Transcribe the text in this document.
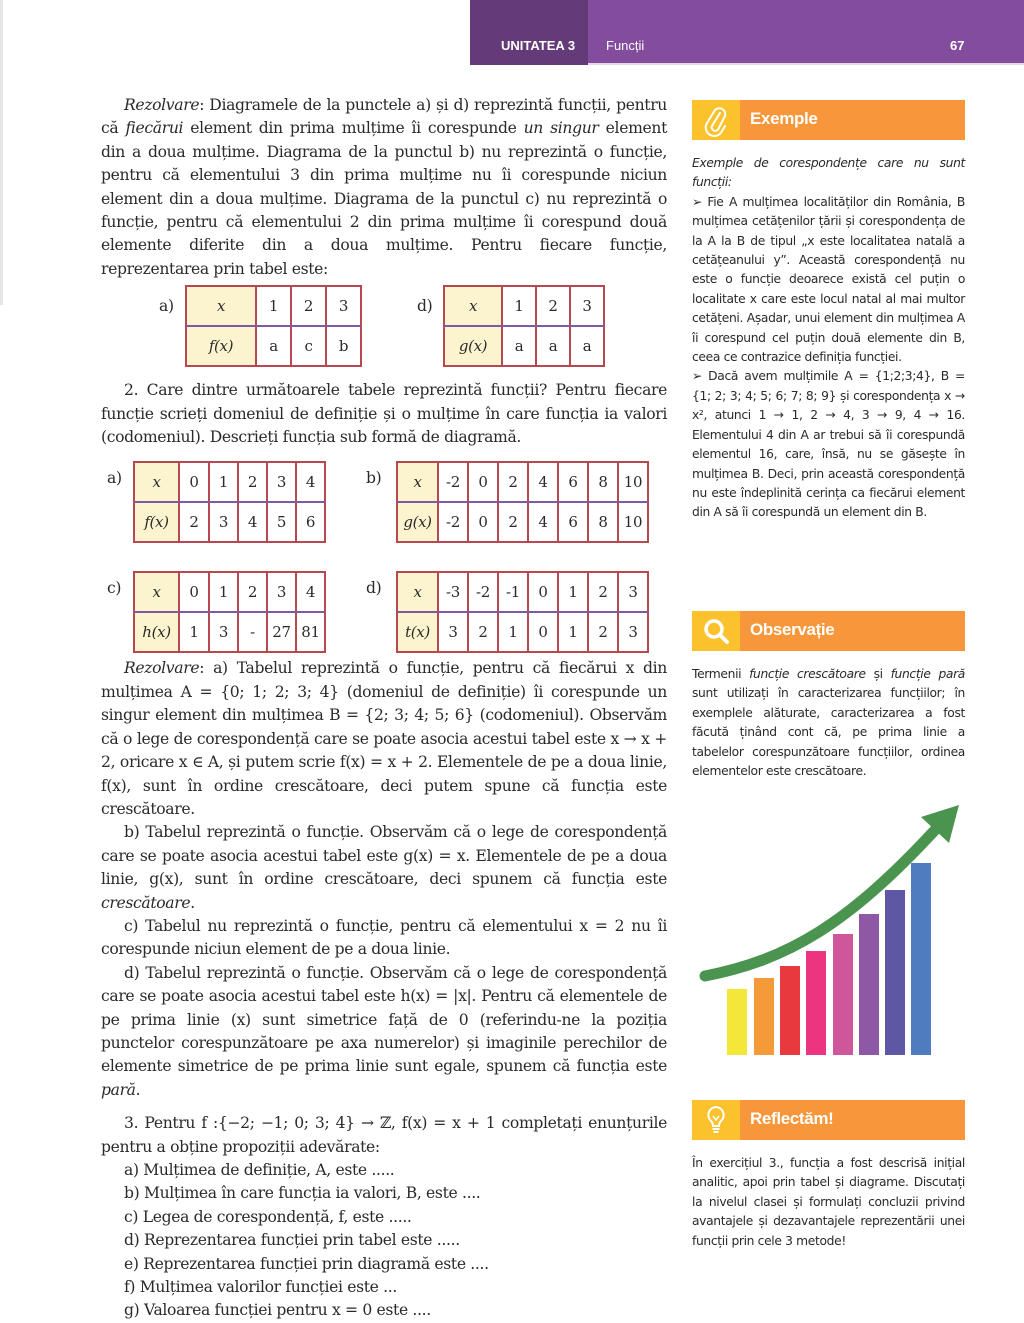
UNITATEA 3	Funcții	67

Rezolvare: Diagramele de la punctele a) și d) reprezintă funcții, pentru că fiecărui element din prima mulțime îi corespunde un singur element din a doua mulțime. Diagrama de la punctul b) nu reprezintă o funcție, pentru că elementului 3 din prima mulțime nu îi corespunde niciun element din a doua mulțime. Diagrama de la punctul c) nu reprezintă o funcție, pentru că elementului 2 din prima mulțime îi corespund două elemente diferite din a doua mulțime. Pentru fiecare funcție, reprezentarea prin tabel este:

a)	x	1	2	3
f(x)	a	c	b
d) x	1	2	3
g(x)	a	a	a

2. Care dintre următoarele tabele reprezintă funcții? Pentru fiecare funcție scrieți domeniul de definiție și o mulțime în care funcția ia valori (codomeniul). Descrieți funcția sub formă de diagramă.

a) x	0	1	2	3	4
f(x)	2	3	4	5	6
b) x	-2	0	2	4	6	8	10
g(x)	-2	0	2	4	6	8	10
c) x	0	1	2	3	4
h(x)	1	3	-	27	81
d) x	-3	-2	-1	0	1	2	3
t(x)	3	2	1	0	1	2	3

Rezolvare: a) Tabelul reprezintă o funcție, pentru că fiecărui x din mulțimea A = {0; 1; 2; 3; 4} (domeniul de definiție) îi corespunde un singur element din mulțimea B = {2; 3; 4; 5; 6} (codomeniul). Observăm că o lege de corespondență care se poate asocia acestui tabel este x → x + 2, oricare x ∈ A, și putem scrie f(x) = x + 2. Elementele de pe a doua linie, f(x), sunt în ordine crescătoare, deci putem spune că funcția este crescătoare.

b) Tabelul reprezintă o funcție. Observăm că o lege de corespondență care se poate asocia acestui tabel este g(x) = x. Elementele de pe a doua linie, g(x), sunt în ordine crescătoare, deci spunem că funcția este crescătoare.

c) Tabelul nu reprezintă o funcție, pentru că elementului x = 2 nu îi corespunde niciun element de pe a doua linie.

d) Tabelul reprezintă o funcție. Observăm că o lege de corespondență care se poate asocia acestui tabel este h(x) = |x|. Pentru că elementele de pe prima linie (x) sunt simetrice față de 0 (referindu-ne la poziția punctelor corespunzătoare pe axa numerelor) și imaginile perechilor de elemente simetrice de pe prima linie sunt egale, spunem că funcția este pară.

3. Pentru f :{−2; −1; 0; 3; 4} → ℤ, f(x) = x + 1 completați enunțurile pentru a obține propoziții adevărate:

a) Mulțimea de definiție, A, este .....

b) Mulțimea în care funcția ia valori, B, este ....

c) Legea de corespondență, f, este .....

d) Reprezentarea funcției prin tabel este .....

e) Reprezentarea funcției prin diagramă este ....

f) Mulțimea valorilor funcției este ...

g) Valoarea funcției pentru x = 0 este ....

Exemple

Exemple de corespondențe care nu sunt funcții:

➢ Fie A mulțimea localităților din România, B mulțimea cetățenilor țării și corespondența de la A la B de tipul „x este localitatea natală a cetățeanului y”. Această corespondență nu este o funcție deoarece există cel puțin o localitate x care este locul natal al mai multor cetățeni. Așadar, unui element din mulțimea A îi corespund cel puțin două elemente din B, ceea ce contrazice definiția funcției.

➢ Dacă avem mulțimile A = {1;2;3;4}, B = {1; 2; 3; 4; 5; 6; 7; 8; 9} și corespondența x → x², atunci 1 → 1, 2 → 4, 3 → 9, 4 → 16. Elementului 4 din A ar trebui să îi corespundă elementul 16, care, însă, nu se găsește în mulțimea B. Deci, prin această corespondență nu este îndeplinită cerința ca fiecărui element din A să îi corespundă un element din B.

Observație

Termenii funcție crescătoare și funcție pară sunt utilizați în caracterizarea funcțiilor; în exemplele alăturate, caracterizarea a fost făcută ținând cont că, pe prima linie a tabelelor corespunzătoare funcțiilor, ordinea elementelor este crescătoare.

Reflectăm!

În exercițiul 3., funcția a fost descrisă inițial analitic, apoi prin tabel și diagrame. Discutați la nivelul clasei și formulați concluzii privind avantajele și dezavantajele reprezentării unei funcții prin cele 3 metode!
